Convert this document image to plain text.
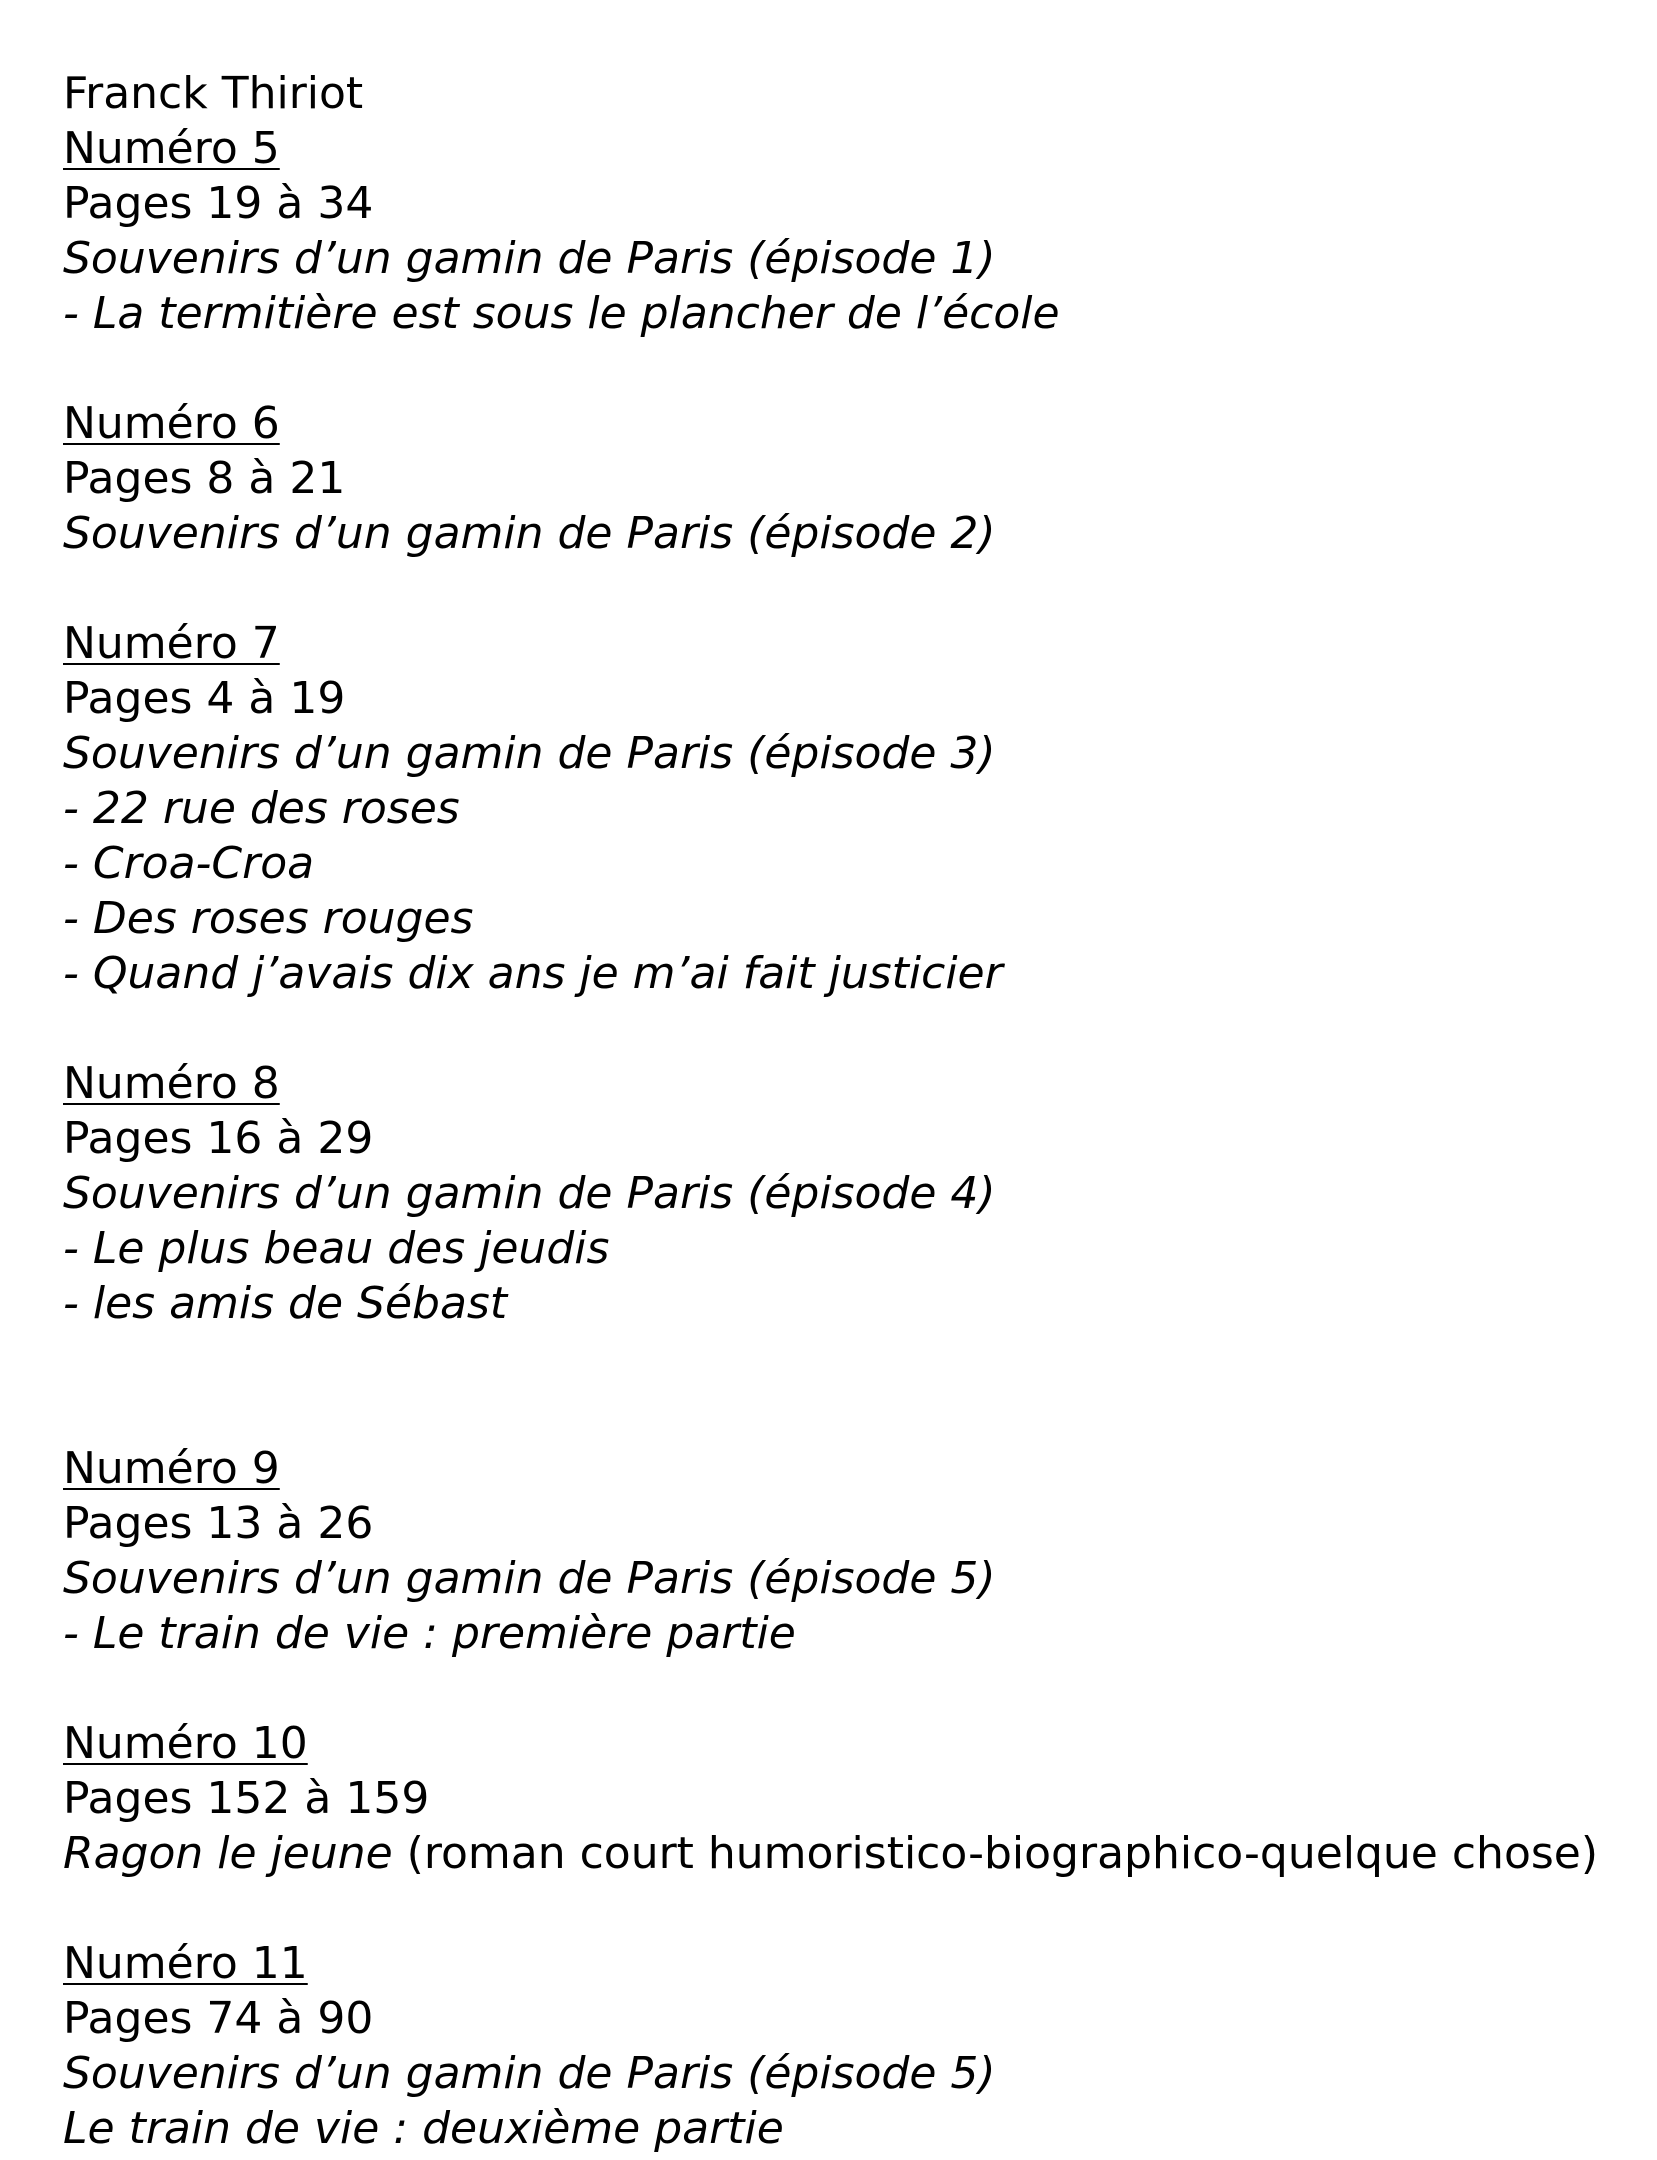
Franck Thiriot
Numéro 5
Pages 19 à 34
Souvenirs d’un gamin de Paris (épisode 1)
- La termitière est sous le plancher de l’école
Numéro 6
Pages 8 à 21
Souvenirs d’un gamin de Paris (épisode 2)
Numéro 7
Pages 4 à 19
Souvenirs d’un gamin de Paris (épisode 3)
- 22 rue des roses
- Croa-Croa
- Des roses rouges
- Quand j’avais dix ans je m’ai fait justicier
Numéro 8
Pages 16 à 29
Souvenirs d’un gamin de Paris (épisode 4)
- Le plus beau des jeudis
- les amis de Sébast
Numéro 9
Pages 13 à 26
Souvenirs d’un gamin de Paris (épisode 5)
- Le train de vie : première partie
Numéro 10
Pages 152 à 159
Ragon le jeune (roman court humoristico-biographico-quelque chose)
Numéro 11
Pages 74 à 90
Souvenirs d’un gamin de Paris (épisode 5)
Le train de vie : deuxième partie
